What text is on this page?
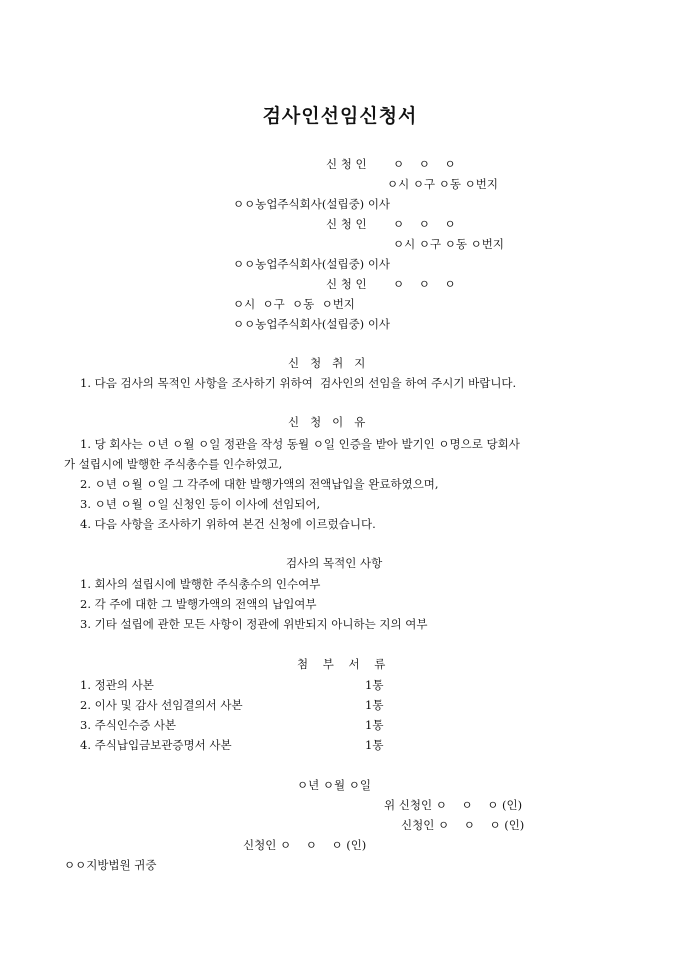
검사인선임신청서
신 청 인 ㅇ    ㅇ    ㅇ
ㅇ시 ㅇ구 ㅇ동 ㅇ번지
ㅇㅇ농업주식회사(설립중) 이사
신 청 인 ㅇ    ㅇ    ㅇ
ㅇ시 ㅇ구 ㅇ동 ㅇ번지
ㅇㅇ농업주식회사(설립중) 이사
신 청 인 ㅇ    ㅇ    ㅇ
ㅇ시  ㅇ구  ㅇ동  ㅇ번지
ㅇㅇ농업주식회사(설립중) 이사
신   청   취   지
1. 다음 검사의 목적인 사항을 조사하기 위하여  검사인의 선임을 하여 주시기 바랍니다.
신   청   이   유
1. 당 회사는 ㅇ년 ㅇ월 ㅇ일 정관을 작성 동월 ㅇ일 인증을 받아 발기인 ㅇ명으로 당회사
가 설립시에 발행한 주식총수를 인수하였고,
2. ㅇ년 ㅇ월 ㅇ일 그 각주에 대한 발행가액의 전액납입을 완료하였으며,
3. ㅇ년 ㅇ월 ㅇ일 신청인 등이 이사에 선임되어,
4. 다음 사항을 조사하기 위하여 본건 신청에 이르렀습니다.
검사의 목적인 사항
1. 회사의 설립시에 발행한 주식총수의 인수여부
2. 각 주에 대한 그 발행가액의 전액의 납입여부
3. 기타 설립에 관한 모든 사항이 정관에 위반되지 아니하는 지의 여부
첨    부    서    류
1. 정관의 사본	1통
2. 이사 및 감사 선임결의서 사본	1통
3. 주식인수증 사본	1통
4. 주식납입금보관증명서 사본	1통
ㅇ년 ㅇ월 ㅇ일
위 신청인 ㅇ    ㅇ    ㅇ (인)
신청인 ㅇ    ㅇ    ㅇ (인)
신청인 ㅇ    ㅇ    ㅇ (인)
ㅇㅇ지방법원 귀중
